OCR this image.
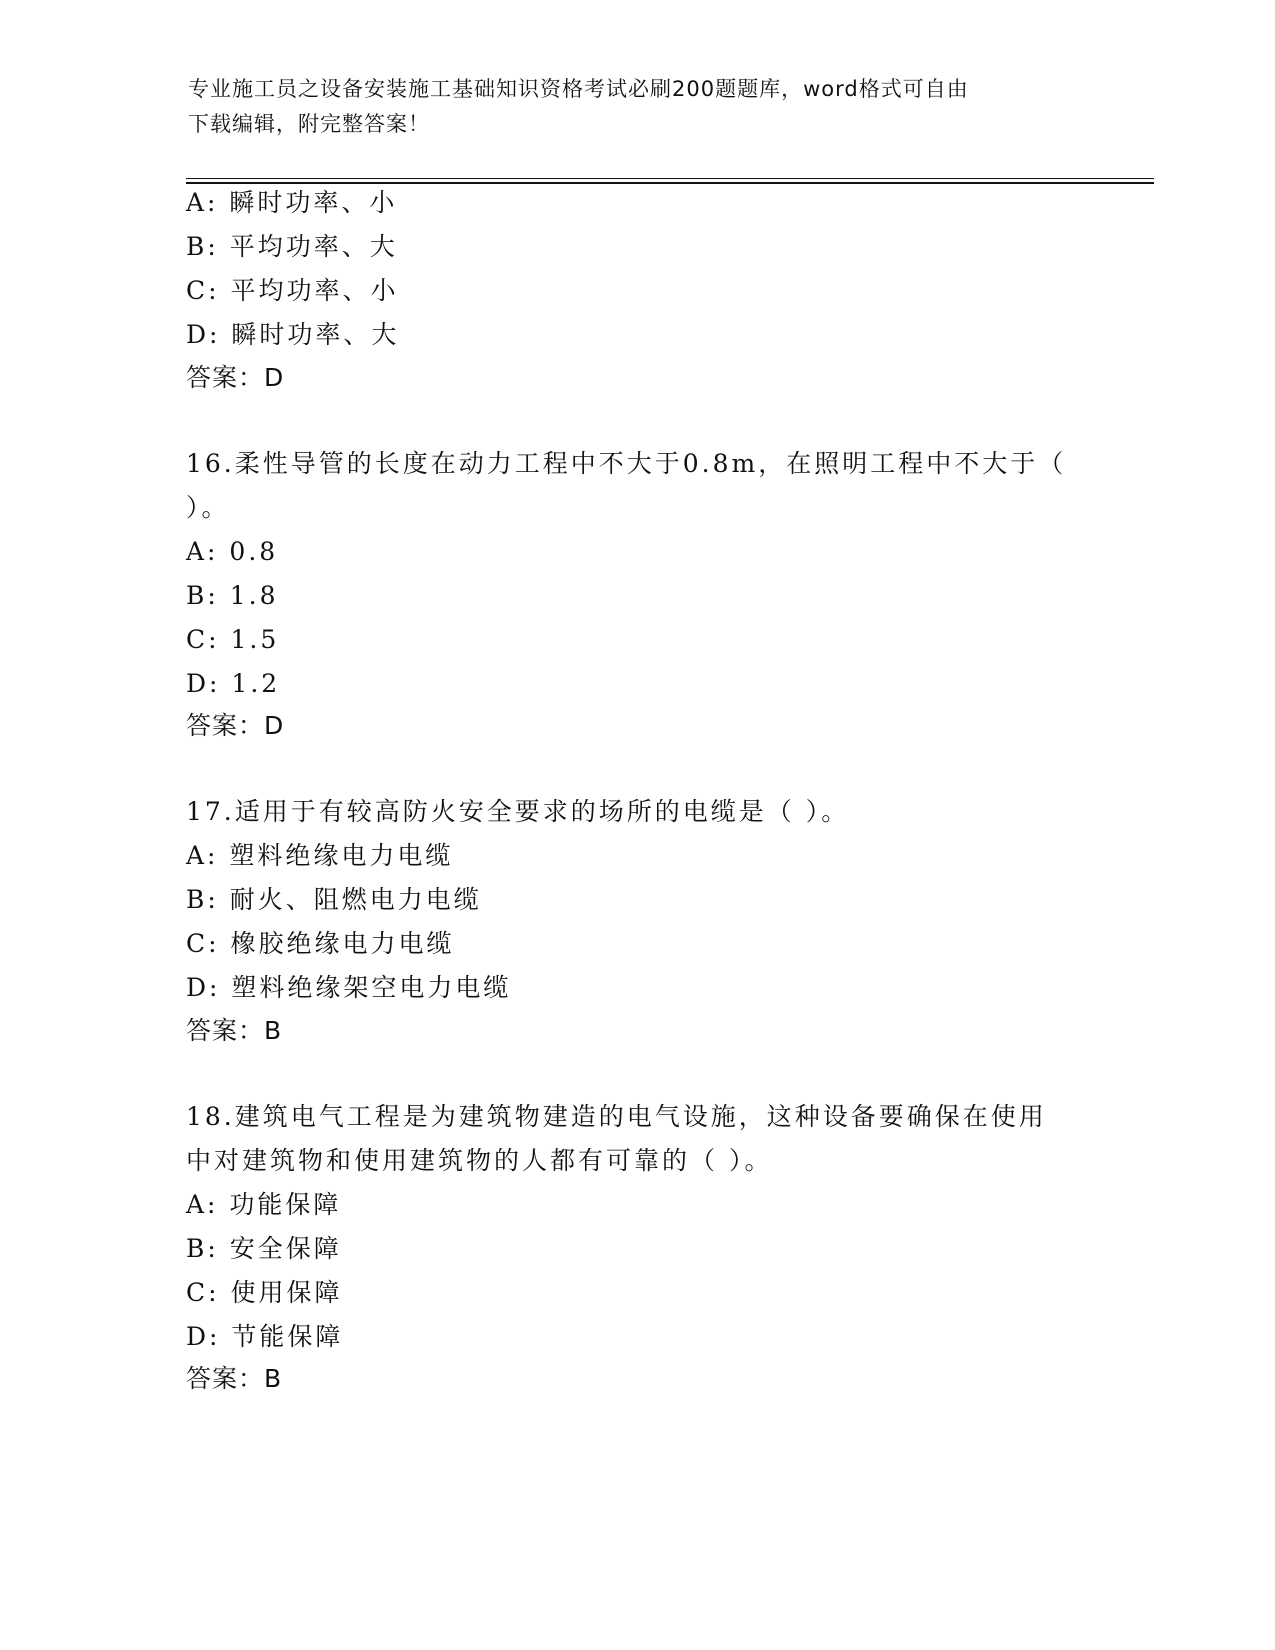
专业施工员之设备安装施工基础知识资格考试必刷200题题库，word格式可自由
下载编辑，附完整答案！
A: 瞬时功率、小
B: 平均功率、大
C: 平均功率、小
D: 瞬时功率、大
答案：D
16.柔性导管的长度在动力工程中不大于0.8m，在照明工程中不大于（
）。
A: 0.8
B: 1.8
C: 1.5
D: 1.2
答案：D
17.适用于有较高防火安全要求的场所的电缆是（ ）。
A: 塑料绝缘电力电缆
B: 耐火、阻燃电力电缆
C: 橡胶绝缘电力电缆
D: 塑料绝缘架空电力电缆
答案：B
18.建筑电气工程是为建筑物建造的电气设施，这种设备要确保在使用
中对建筑物和使用建筑物的人都有可靠的（ ）。
A: 功能保障
B: 安全保障
C: 使用保障
D: 节能保障
答案：B
